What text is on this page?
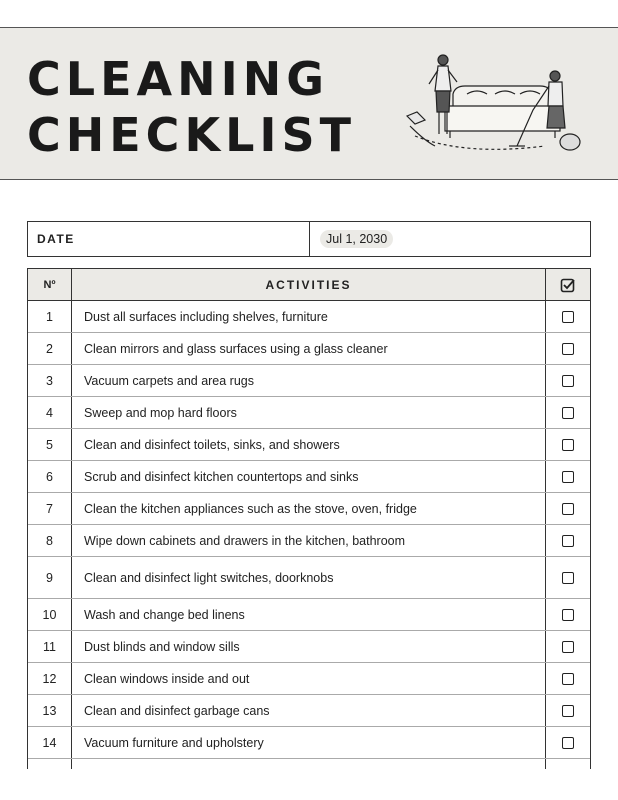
CLEANING
CHECKLIST
DATE	Jul 1, 2030
Nº	ACTIVITIES
1	Dust all surfaces including shelves, furniture
2	Clean mirrors and glass surfaces using a glass cleaner
3	Vacuum carpets and area rugs
4	Sweep and mop hard floors
5	Clean and disinfect toilets, sinks, and showers
6	Scrub and disinfect kitchen countertops and sinks
7	Clean the kitchen appliances such as the stove, oven, fridge
8	Wipe down cabinets and drawers in the kitchen, bathroom
9	Clean and disinfect light switches, doorknobs
10	Wash and change bed linens
11	Dust blinds and window sills
12	Clean windows inside and out
13	Clean and disinfect garbage cans
14	Vacuum furniture and upholstery
